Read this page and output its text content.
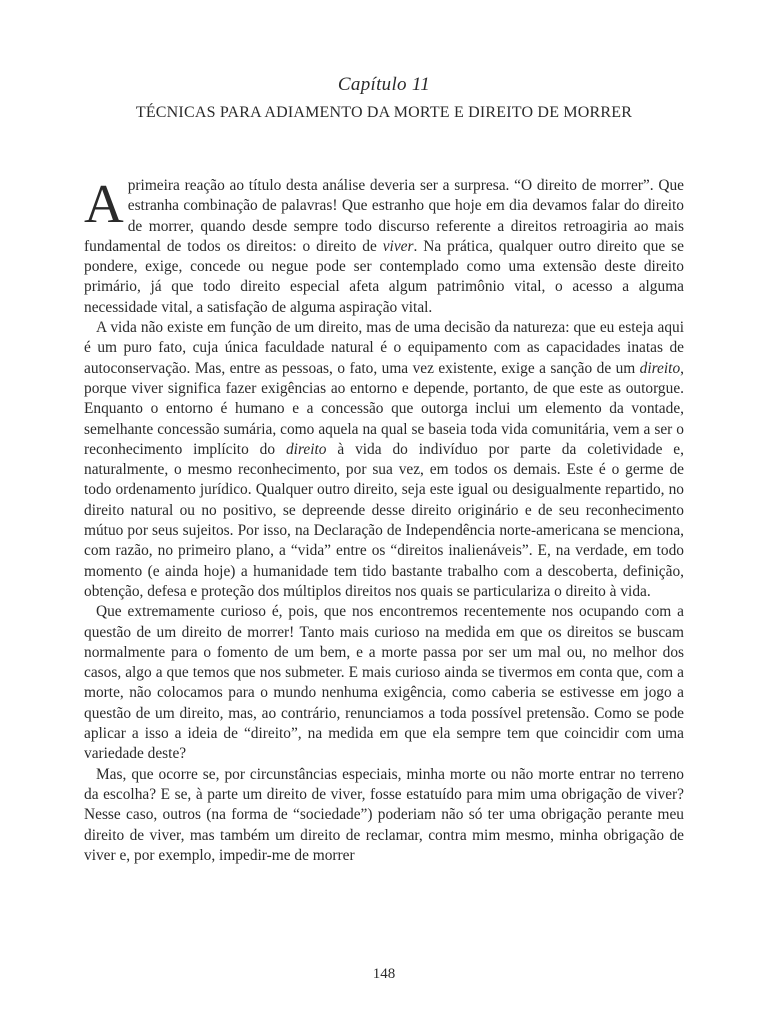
Capítulo 11
TÉCNICAS PARA ADIAMENTO DA MORTE E DIREITO DE MORRER

A primeira reação ao título desta análise deveria ser a surpresa. “O direito de morrer”. Que estranha combinação de palavras! Que estranho que hoje em dia devamos falar do direito de morrer, quando desde sempre todo discurso referente a direitos retroagiria ao mais fundamental de todos os direitos: o direito de viver. Na prática, qualquer outro direito que se pondere, exige, concede ou negue pode ser contemplado como uma extensão deste direito primário, já que todo direito especial afeta algum patrimônio vital, o acesso a alguma necessidade vital, a satisfação de alguma aspiração vital.

A vida não existe em função de um direito, mas de uma decisão da natureza: que eu esteja aqui é um puro fato, cuja única faculdade natural é o equipamento com as capacidades inatas de autoconservação. Mas, entre as pessoas, o fato, uma vez existente, exige a sanção de um direito, porque viver significa fazer exigências ao entorno e depende, portanto, de que este as outorgue. Enquanto o entorno é humano e a concessão que outorga inclui um elemento da vontade, semelhante concessão sumária, como aquela na qual se baseia toda vida comunitária, vem a ser o reconhecimento implícito do direito à vida do indivíduo por parte da coletividade e, naturalmente, o mesmo reconhecimento, por sua vez, em todos os demais. Este é o germe de todo ordenamento jurídico. Qualquer outro direito, seja este igual ou desigualmente repartido, no direito natural ou no positivo, se depreende desse direito originário e de seu reconhecimento mútuo por seus sujeitos. Por isso, na Declaração de Independência norte-americana se menciona, com razão, no primeiro plano, a “vida” entre os “direitos inalienáveis”. E, na verdade, em todo momento (e ainda hoje) a humanidade tem tido bastante trabalho com a descoberta, definição, obtenção, defesa e proteção dos múltiplos direitos nos quais se particulariza o direito à vida.

Que extremamente curioso é, pois, que nos encontremos recentemente nos ocupando com a questão de um direito de morrer! Tanto mais curioso na medida em que os direitos se buscam normalmente para o fomento de um bem, e a morte passa por ser um mal ou, no melhor dos casos, algo a que temos que nos submeter. E mais curioso ainda se tivermos em conta que, com a morte, não colocamos para o mundo nenhuma exigência, como caberia se estivesse em jogo a questão de um direito, mas, ao contrário, renunciamos a toda possível pretensão. Como se pode aplicar a isso a ideia de “direito”, na medida em que ela sempre tem que coincidir com uma variedade deste?

Mas, que ocorre se, por circunstâncias especiais, minha morte ou não morte entrar no terreno da escolha? E se, à parte um direito de viver, fosse estatuído para mim uma obrigação de viver? Nesse caso, outros (na forma de “sociedade”) poderiam não só ter uma obrigação perante meu direito de viver, mas também um direito de reclamar, contra mim mesmo, minha obrigação de viver e, por exemplo, impedir-me de morrer

148
